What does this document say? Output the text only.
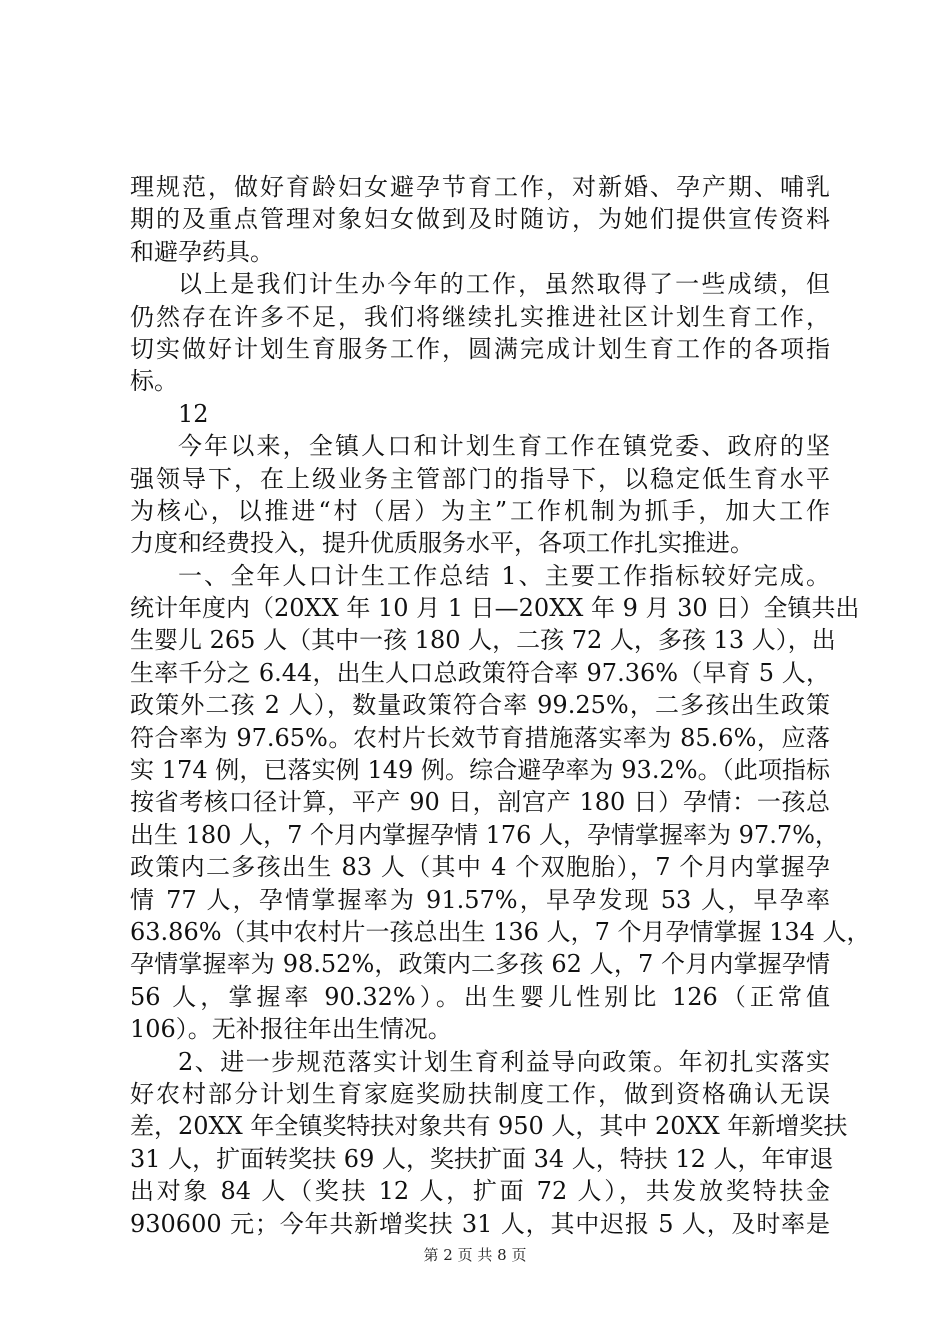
理规范，做好育龄妇女避孕节育工作，对新婚、孕产期、哺乳
期的及重点管理对象妇女做到及时随访，为她们提供宣传资料
和避孕药具。
以上是我们计生办今年的工作，虽然取得了一些成绩，但
仍然存在许多不足，我们将继续扎实推进社区计划生育工作，
切实做好计划生育服务工作，圆满完成计划生育工作的各项指
标。
12
今年以来，全镇人口和计划生育工作在镇党委、政府的坚
强领导下，在上级业务主管部门的指导下，以稳定低生育水平
为核心，以推进“村（居）为主”工作机制为抓手，加大工作
力度和经费投入，提升优质服务水平，各项工作扎实推进。
一、全年人口计生工作总结 1、主要工作指标较好完成。
统计年度内（20XX 年 10 月 1 日—20XX 年 9 月 30 日）全镇共出
生婴儿 265 人（其中一孩 180 人，二孩 72 人，多孩 13 人），出
生率千分之 6.44，出生人口总政策符合率 97.36%（早育 5 人，
政策外二孩 2 人），数量政策符合率 99.25%，二多孩出生政策
符合率为 97.65%。农村片长效节育措施落实率为 85.6%，应落
实 174 例，已落实例 149 例。综合避孕率为 93.2%。（此项指标
按省考核口径计算，平产 90 日，剖宫产 180 日）孕情：一孩总
出生 180 人，7 个月内掌握孕情 176 人，孕情掌握率为 97.7%，
政策内二多孩出生 83 人（其中 4 个双胞胎），7 个月内掌握孕
情 77 人，孕情掌握率为 91.57%，早孕发现 53 人，早孕率
63.86%（其中农村片一孩总出生 136 人，7 个月孕情掌握 134 人，
孕情掌握率为 98.52%，政策内二多孩 62 人，7 个月内掌握孕情
56 人，掌握率 90.32%）。出生婴儿性别比 126（正常值
106）。无补报往年出生情况。
2、进一步规范落实计划生育利益导向政策。年初扎实落实
好农村部分计划生育家庭奖励扶制度工作，做到资格确认无误
差，20XX 年全镇奖特扶对象共有 950 人，其中 20XX 年新增奖扶
31 人，扩面转奖扶 69 人，奖扶扩面 34 人，特扶 12 人，年审退
出对象 84 人（奖扶 12 人，扩面 72 人），共发放奖特扶金
930600 元；今年共新增奖扶 31 人，其中迟报 5 人，及时率是
第 2 页 共 8 页
